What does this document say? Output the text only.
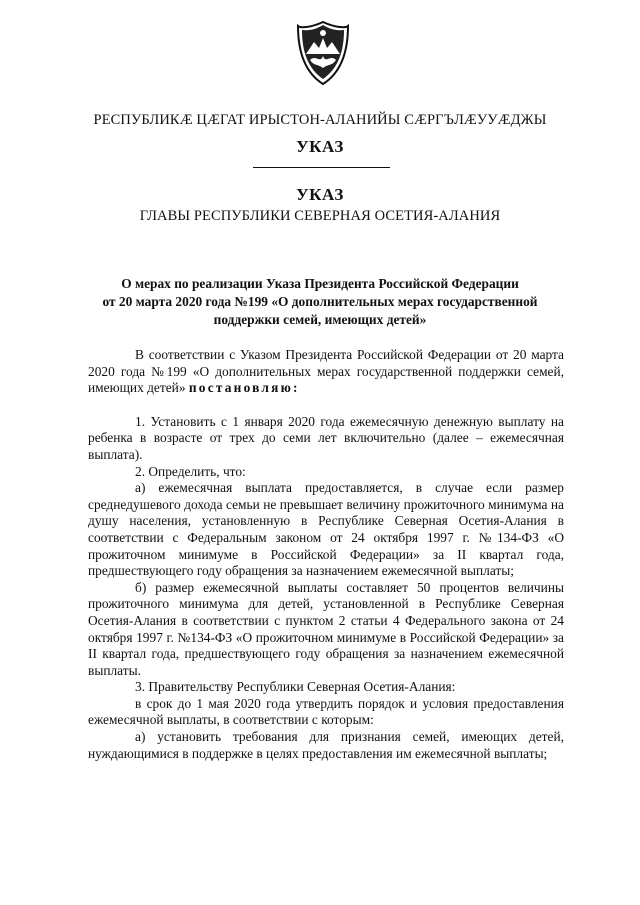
РЕСПУБЛИКӔ ЦӔГАТ ИРЫСТОН-АЛАНИЙЫ СӔРГЪЛӔУУӔДЖЫ
УКАЗ
УКАЗ
ГЛАВЫ РЕСПУБЛИКИ СЕВЕРНАЯ ОСЕТИЯ-АЛАНИЯ
О мерах по реализации Указа Президента Российской Федерации
от 20 марта 2020 года №199 «О дополнительных мерах государственной
поддержки семей, имеющих детей»

В соответствии с Указом Президента Российской Федерации от 20 марта 2020 года №199 «О дополнительных мерах государственной поддержки семей, имеющих детей» постановляю:

1. Установить с 1 января 2020 года ежемесячную денежную выплату на ребенка в возрасте от трех до семи лет включительно (далее – ежемесячная выплата).

2. Определить, что:

а) ежемесячная выплата предоставляется, в случае если размер среднедушевого дохода семьи не превышает величину прожиточного минимума на душу населения, установленную в Республике Северная Осетия-Алания в соответствии с Федеральным законом от 24 октября 1997 г. №134-ФЗ «О прожиточном минимуме в Российской Федерации» за II квартал года, предшествующего году обращения за назначением ежемесячной выплаты;

б) размер ежемесячной выплаты составляет 50 процентов величины прожиточного минимума для детей, установленной в Республике Северная Осетия-Алания в соответствии с пунктом 2 статьи 4 Федерального закона от 24 октября 1997 г. №134-ФЗ «О прожиточном минимуме в Российской Федерации» за II квартал года, предшествующего году обращения за назначением ежемесячной выплаты.

3. Правительству Республики Северная Осетия-Алания:

в срок до 1 мая 2020 года утвердить порядок и условия предоставления ежемесячной выплаты, в соответствии с которым:

а) установить требования для признания семей, имеющих детей, нуждающимися в поддержке в целях предоставления им ежемесячной выплаты;
